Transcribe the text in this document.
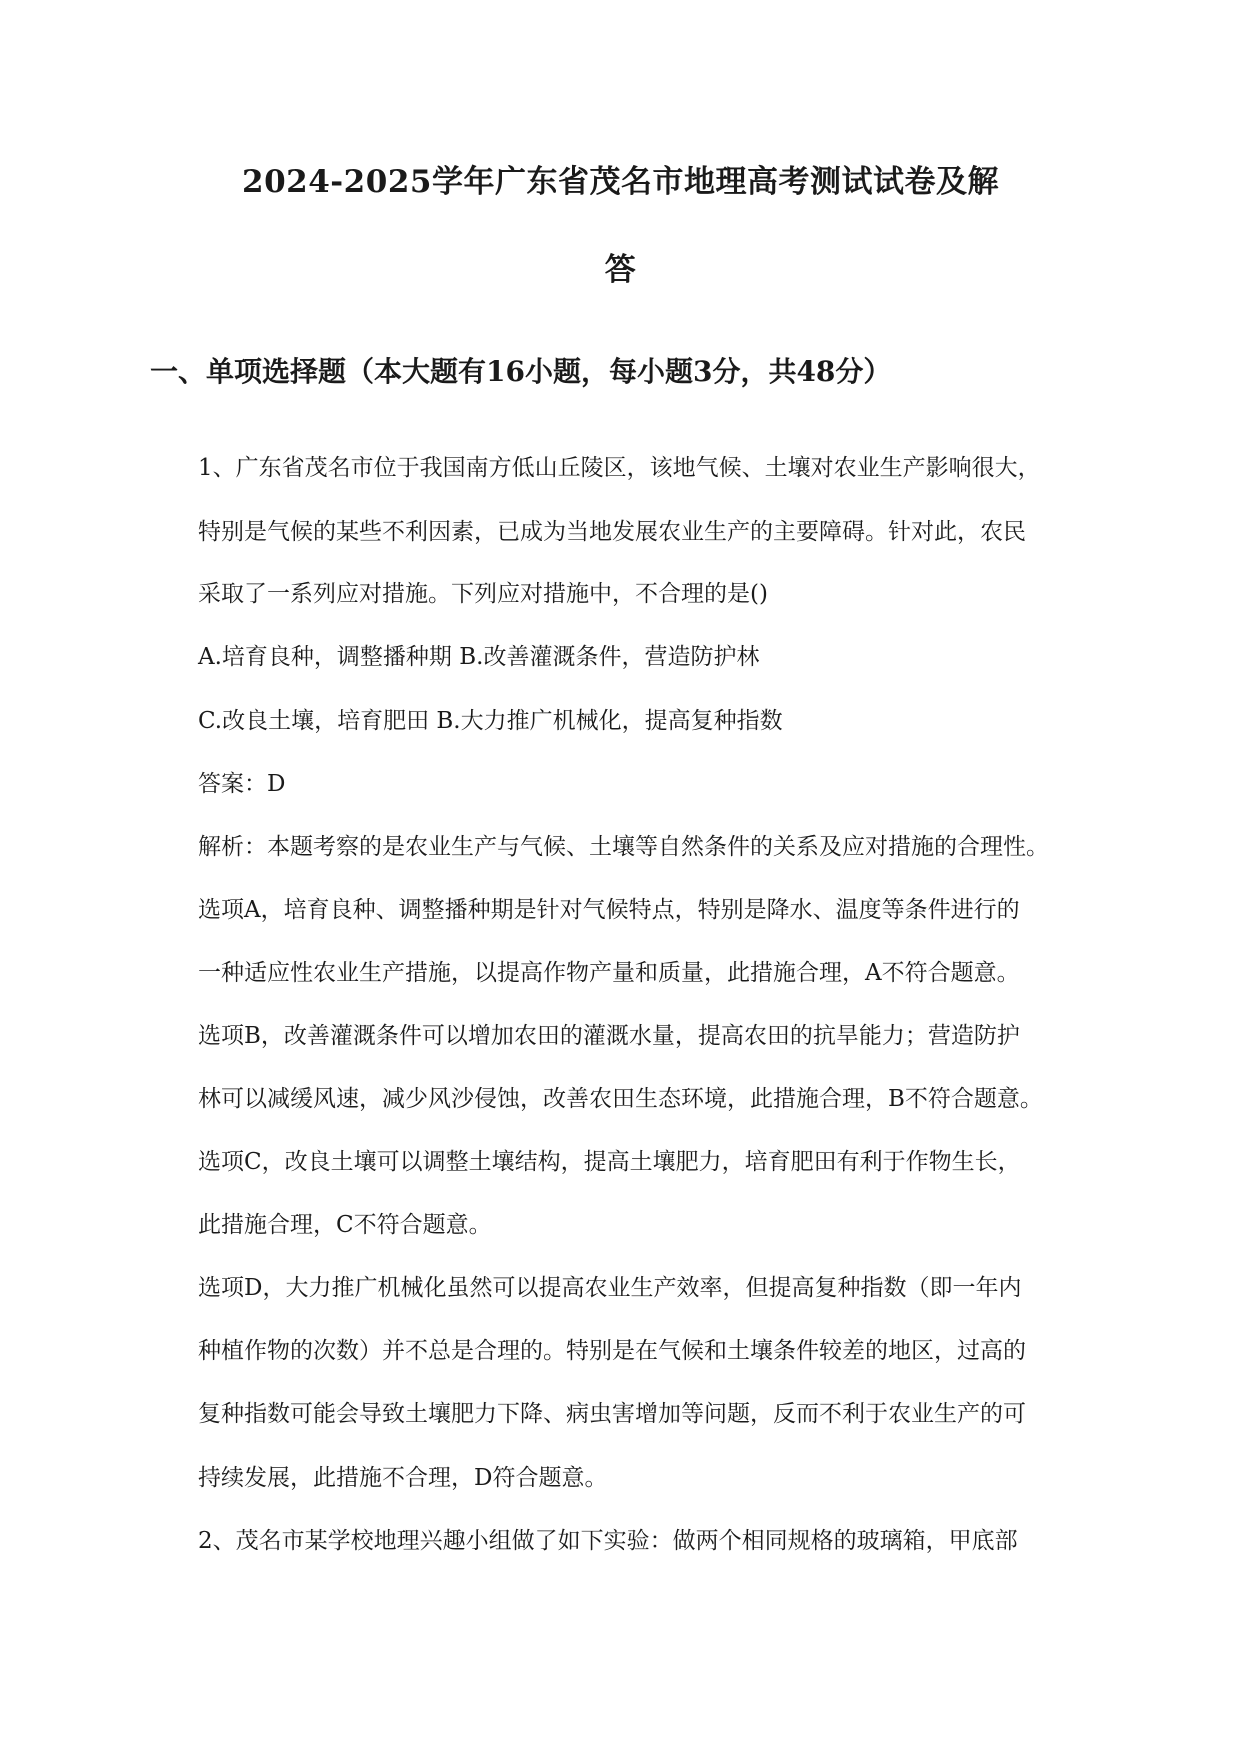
2024-2025学年广东省茂名市地理高考测试试卷及解
答
一、单项选择题（本大题有16小题，每小题3分，共48分）
1、广东省茂名市位于我国南方低山丘陵区，该地气候、土壤对农业生产影响很大，
特别是气候的某些不利因素，已成为当地发展农业生产的主要障碍。针对此，农民
采取了一系列应对措施。下列应对措施中，不合理的是()
A.培育良种，调整播种期 B.改善灌溉条件，营造防护林
C.改良土壤，培育肥田 B.大力推广机械化，提高复种指数
答案：D
解析：本题考察的是农业生产与气候、土壤等自然条件的关系及应对措施的合理性。
选项A，培育良种、调整播种期是针对气候特点，特别是降水、温度等条件进行的
一种适应性农业生产措施，以提高作物产量和质量，此措施合理，A不符合题意。
选项B，改善灌溉条件可以增加农田的灌溉水量，提高农田的抗旱能力；营造防护
林可以减缓风速，减少风沙侵蚀，改善农田生态环境，此措施合理，B不符合题意。
选项C，改良土壤可以调整土壤结构，提高土壤肥力，培育肥田有利于作物生长，
此措施合理，C不符合题意。
选项D，大力推广机械化虽然可以提高农业生产效率，但提高复种指数（即一年内
种植作物的次数）并不总是合理的。特别是在气候和土壤条件较差的地区，过高的
复种指数可能会导致土壤肥力下降、病虫害增加等问题，反而不利于农业生产的可
持续发展，此措施不合理，D符合题意。
2、茂名市某学校地理兴趣小组做了如下实验：做两个相同规格的玻璃箱，甲底部
